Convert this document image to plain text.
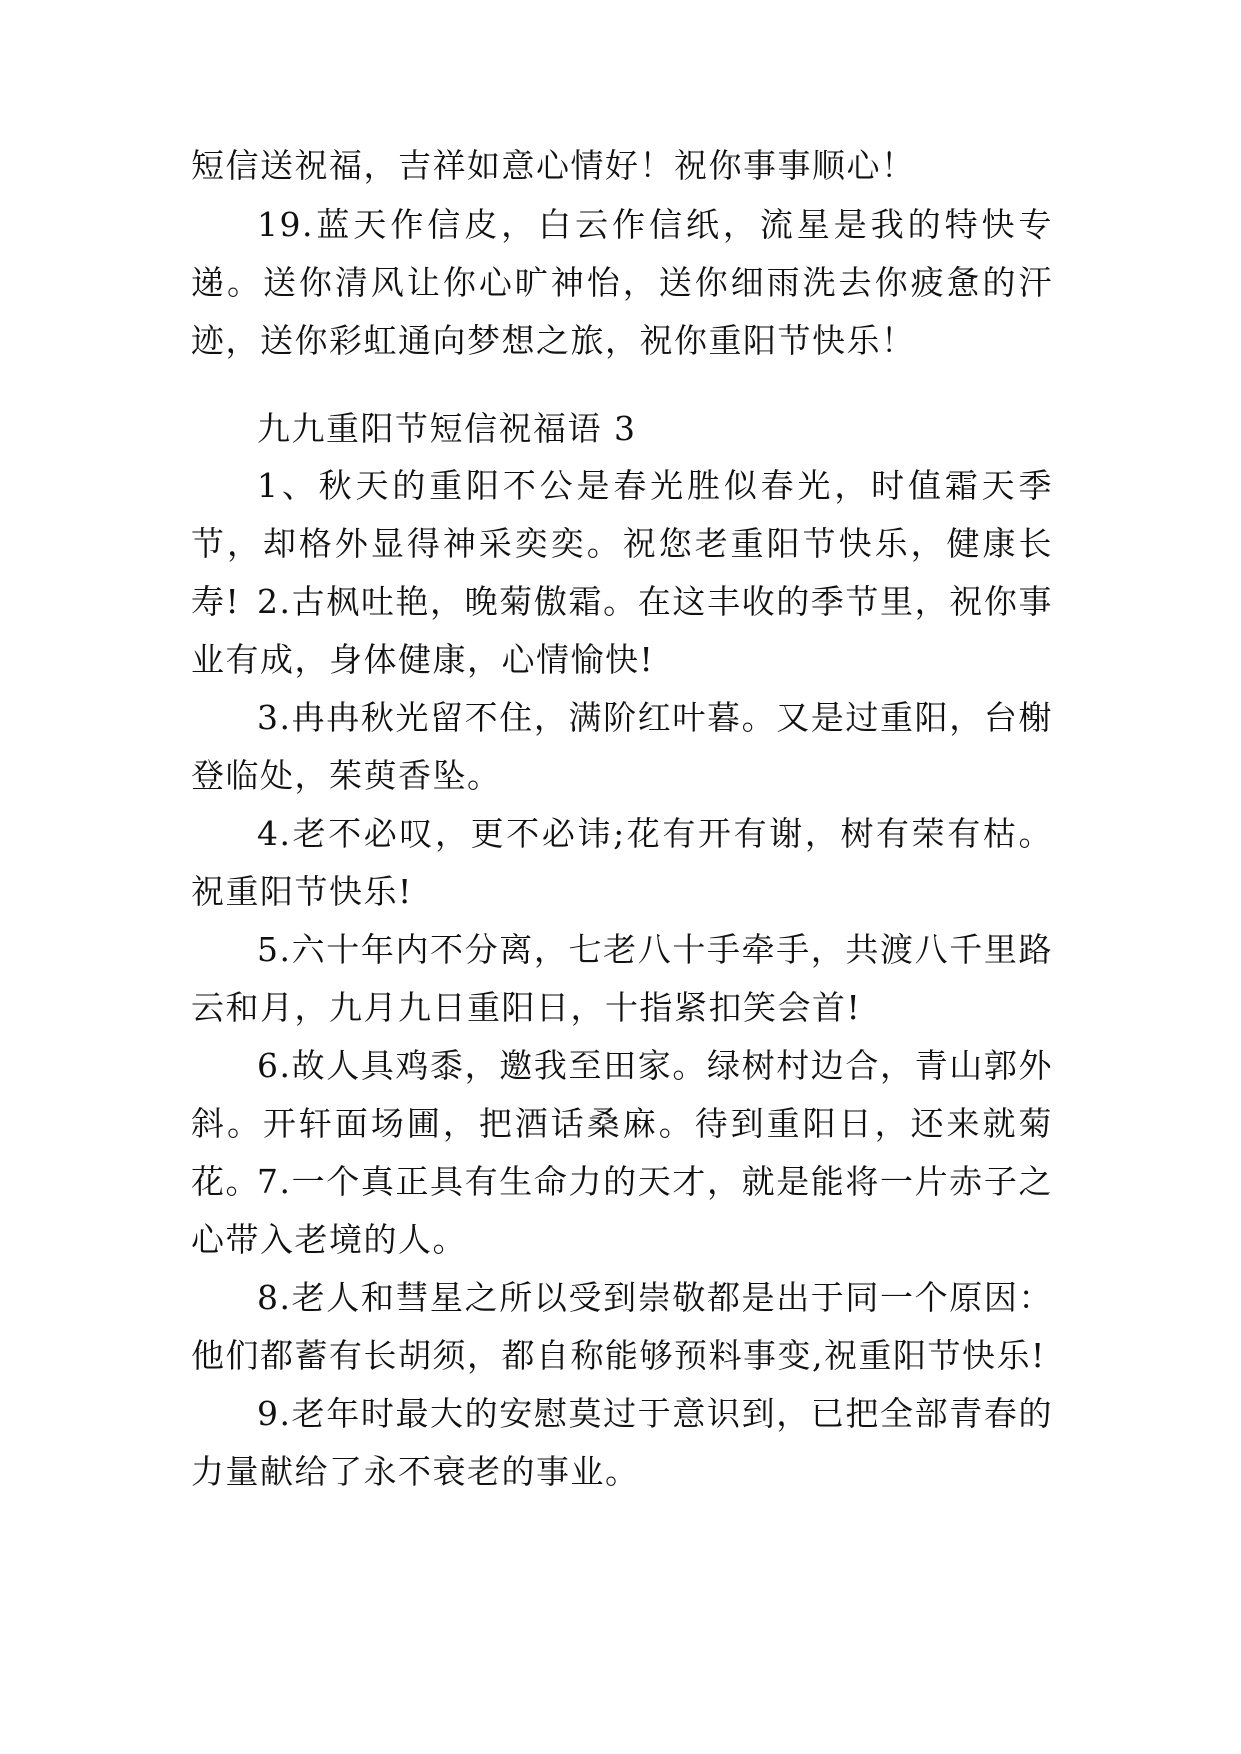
短信送祝福，吉祥如意心情好！祝你事事顺心！

19.蓝天作信皮，白云作信纸，流星是我的特快专递。送你清风让你心旷神怡，送你细雨洗去你疲惫的汗迹，送你彩虹通向梦想之旅，祝你重阳节快乐！

九九重阳节短信祝福语 3

1、秋天的重阳不公是春光胜似春光，时值霜天季节，却格外显得神采奕奕。祝您老重阳节快乐，健康长寿! 2.古枫吐艳，晚菊傲霜。在这丰收的季节里，祝你事业有成，身体健康，心情愉快!

3.冉冉秋光留不住，满阶红叶暮。又是过重阳，台榭登临处，茱萸香坠。

4.老不必叹，更不必讳;花有开有谢，树有荣有枯。祝重阳节快乐!

5.六十年内不分离，七老八十手牵手，共渡八千里路云和月，九月九日重阳日，十指紧扣笑会首!

6.故人具鸡黍，邀我至田家。绿树村边合，青山郭外斜。开轩面场圃，把酒话桑麻。待到重阳日，还来就菊花。

7.一个真正具有生命力的天才，就是能将一片赤子之心带入老境的人。

8.老人和彗星之所以受到崇敬都是出于同一个原因：他们都蓄有长胡须，都自称能够预料事变,祝重阳节快乐!

9.老年时最大的安慰莫过于意识到，已把全部青春的力量献给了永不衰老的事业。
